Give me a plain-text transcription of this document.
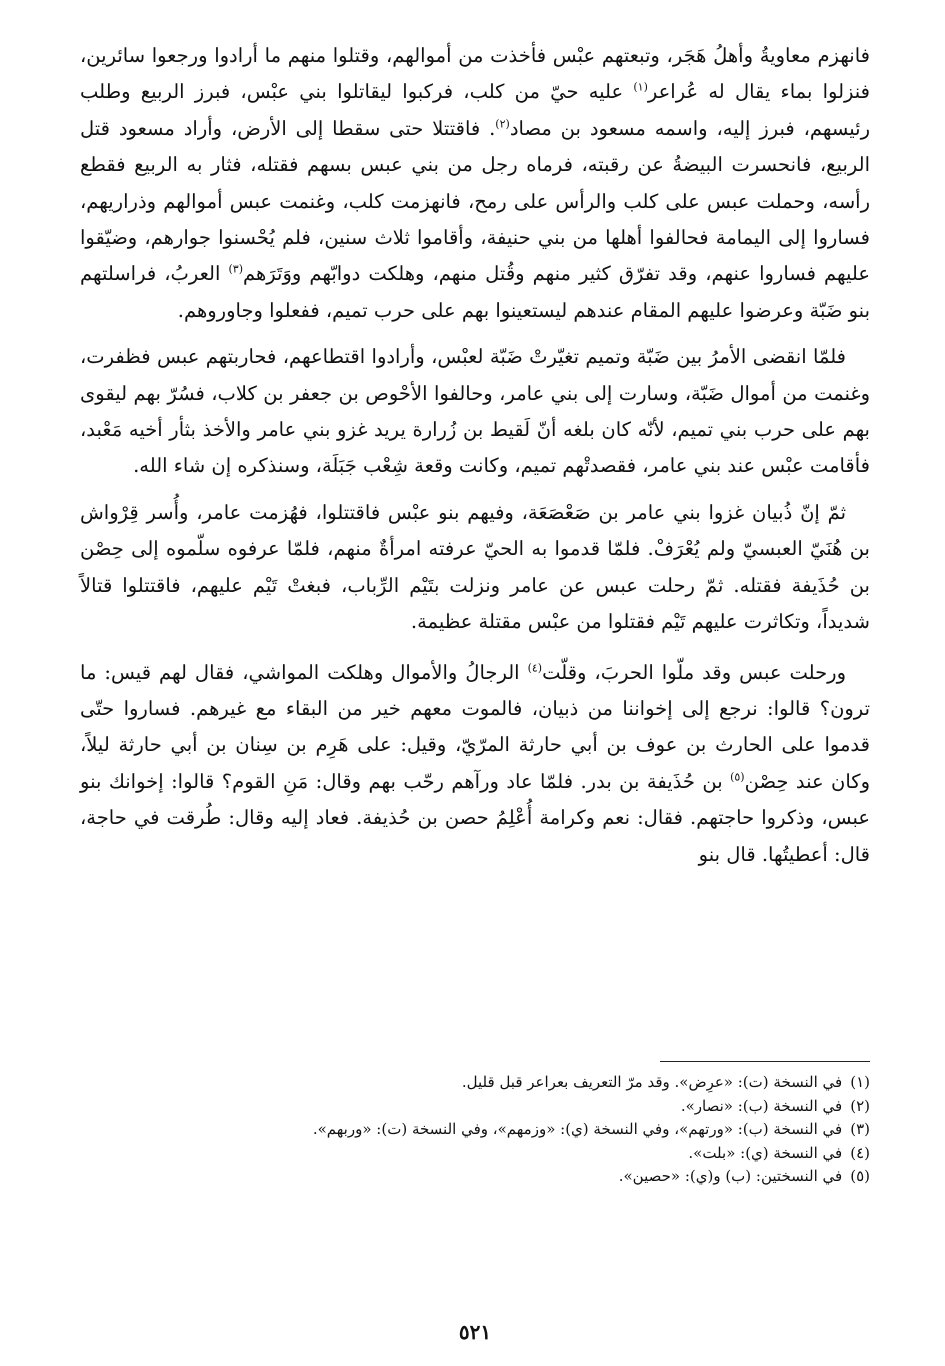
فانهزم معاويةُ وأهلُ هَجَر، وتبعتهم عبْس فأخذت من أموالهم، وقتلوا منهم ما أرادوا ورجعوا سائرين، فنزلوا بماء يقال له عُراعر$^{(١)}$ عليه حيّ من كلب، فركبوا ليقاتلوا بني عبْس، فبرز الربيع وطلب رئيسهم، فبرز إليه، واسمه مسعود بن مصاد$^{(٢)}$. فاقتتلا حتى سقطا إلى الأرض، وأراد مسعود قتل الربيع، فانحسرت البيضةُ عن رقبته، فرماه رجل من بني عبس بسهم فقتله، فثار به الربيع فقطع رأسه، وحملت عبس على كلب والرأس على رمح، فانهزمت كلب، وغنمت عبس أموالهم وذراريهم، فساروا إلى اليمامة فحالفوا أهلها من بني حنيفة، وأقاموا ثلاث سنين، فلم يُحْسنوا جوارهم، وضيّقوا عليهم فساروا عنهم، وقد تفرّق كثير منهم وقُتل منهم، وهلكت دوابّهم ووَتَرَهم$^{(٣)}$ العربُ، فراسلتهم بنو ضَبّة وعرضوا عليهم المقام عندهم ليستعينوا بهم على حرب تميم، ففعلوا وجاوروهم.

فلمّا انقضى الأمرُ بين ضَبّة وتميم تغيّرتْ ضَبّة لعبْس، وأرادوا اقتطاعهم، فحاربتهم عبس فظفرت، وغنمت من أموال ضَبّة، وسارت إلى بني عامر، وحالفوا الأحْوص بن جعفر بن كلاب، فسُرّ بهم ليقوى بهم على حرب بني تميم، لأنّه كان بلغه أنّ لَقيط بن زُرارة يريد غزو بني عامر والأخذ بثأر أخيه مَعْبد، فأقامت عبْس عند بني عامر، فقصدتْهم تميم، وكانت وقعة شِعْب جَبَلَة، وسنذكره إن شاء الله.

ثمّ إنّ ذُبيان غزوا بني عامر بن صَعْصَعَة، وفيهم بنو عبْس فاقتتلوا، فهُزمت عامر، وأُسر قِرْواش بن هُنَيّ العبسيّ ولم يُعْرَفْ. فلمّا قدموا به الحيّ عرفته امرأةٌ منهم، فلمّا عرفوه سلّموه إلى حِصْن بن حُذَيفة فقتله. ثمّ رحلت عبس عن عامر ونزلت بتَيْم الرِّباب، فبغتْ تَيْم عليهم، فاقتتلوا قتالاً شديداً، وتكاثرت عليهم تَيْم فقتلوا من عبْس مقتلة عظيمة.

ورحلت عبس وقد ملّوا الحربَ، وقلّت$^{(٤)}$ الرجالُ والأموال وهلكت المواشي، فقال لهم قيس: ما ترون؟ قالوا: نرجع إلى إخواننا من ذبيان، فالموت معهم خير من البقاء مع غيرهم. فساروا حتّى قدموا على الحارث بن عوف بن أبي حارثة المرّيّ، وقيل: على هَرِم بن سِنان بن أبي حارثة ليلاً، وكان عند حِصْن$^{(٥)}$ بن حُذَيفة بن بدر. فلمّا عاد ورآهم رحّب بهم وقال: مَنِ القوم؟ قالوا: إخوانك بنو عبس، وذكروا حاجتهم. فقال: نعم وكرامة أُعْلِمُ حصن بن حُذيفة. فعاد إليه وقال: طُرقت في حاجة، قال: أعطيتُها. قال بنو

(١)في النسخة (ت): «عرِض». وقد مرّ التعريف بعراعر قبل قليل.
(٢)في النسخة (ب): «نصار».
(٣)في النسخة (ب): «ورتهم»، وفي النسخة (ي): «وزمهم»، وفي النسخة (ت): «وربهم».
(٤)في النسخة (ي): «بلت».
(٥)في النسختين: (ب) و(ي): «حصين».
٥٢١
